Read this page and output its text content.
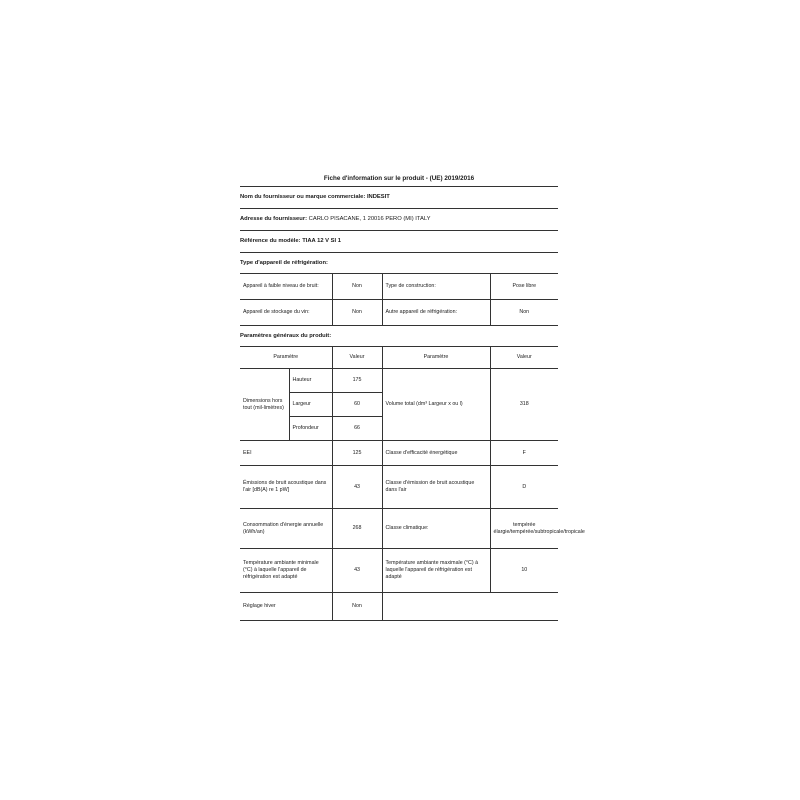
Fiche d'information sur le produit - (UE) 2019/2016
Nom du fournisseur ou marque commerciale: INDESIT
Adresse du fournisseur: CARLO PISACANE, 1 20016 PERO (MI) ITALY
Référence du modèle: TIAA 12 V SI 1
Type d'appareil de réfrigération:
Appareil à faible niveau de bruit:	Non	Type de construction:	Pose libre
Appareil de stockage du vin:	Non	Autre appareil de réfrigération:	Non
Paramètres généraux du produit:
Paramètre		Valeur	Paramètre	Valeur
Dimensions hors tout (mil-limètres)	Hauteur	175	Volume total (dm³ Largeur x ou l)	318
	Largeur	60		
	Profondeur	66		
EEI		125	Classe d'efficacité énergétique	F
Émissions de bruit acoustique dans l'air [dB(A) re 1 pW]		43	Classe d'émission de bruit acoustique dans l'air	D
Consommation d'énergie annuelle (kWh/an)		268	Classe climatique:	tempérée élargie/tempérée/subtropicale/tropicale
Température ambiante minimale (°C) à laquelle l'appareil de réfrigération est adapté		43	Température ambiante maximale (°C) à laquelle l'appareil de réfrigération est adapté	10
Réglage hiver		Non		
